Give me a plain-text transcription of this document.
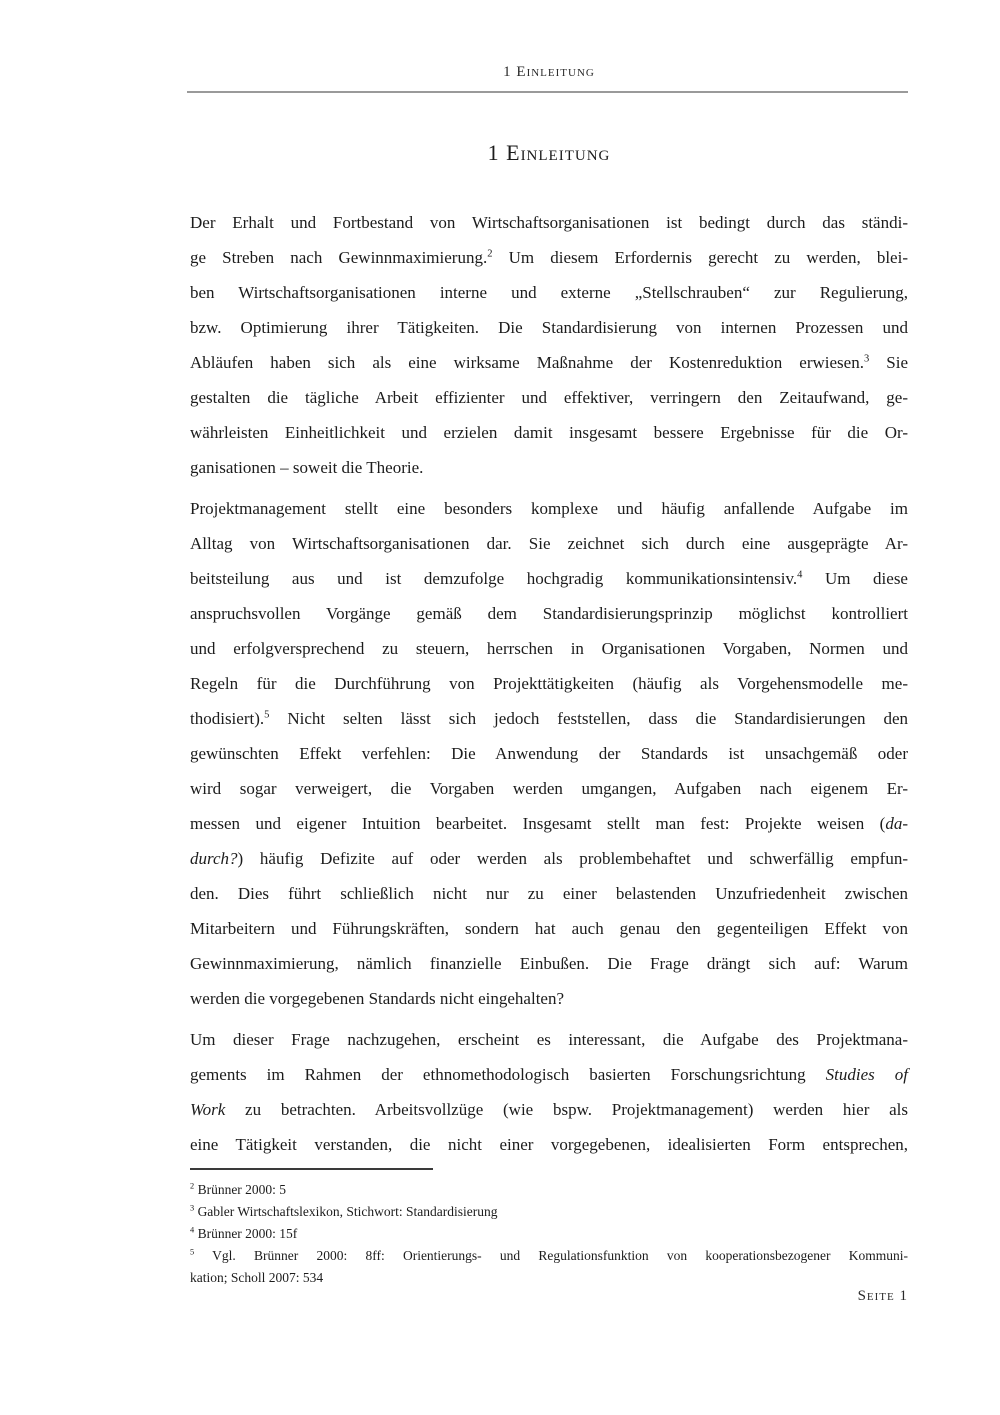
1 Einleitung
1 Einleitung
Der Erhalt und Fortbestand von Wirtschaftsorganisationen ist bedingt durch das ständi-
ge Streben nach Gewinnmaximierung.$^2$ Um diesem Erfordernis gerecht zu werden, blei-
ben Wirtschaftsorganisationen interne und externe „Stellschrauben“ zur Regulierung,
bzw. Optimierung ihrer Tätigkeiten. Die Standardisierung von internen Prozessen und
Abläufen haben sich als eine wirksame Maßnahme der Kostenreduktion erwiesen.$^3$ Sie
gestalten die tägliche Arbeit effizienter und effektiver, verringern den Zeitaufwand, ge-
währleisten Einheitlichkeit und erzielen damit insgesamt bessere Ergebnisse für die Or-
ganisationen – soweit die Theorie.
Projektmanagement stellt eine besonders komplexe und häufig anfallende Aufgabe im
Alltag von Wirtschaftsorganisationen dar. Sie zeichnet sich durch eine ausgeprägte Ar-
beitsteilung aus und ist demzufolge hochgradig kommunikationsintensiv.$^4$ Um diese
anspruchsvollen Vorgänge gemäß dem Standardisierungsprinzip möglichst kontrolliert
und erfolgversprechend zu steuern, herrschen in Organisationen Vorgaben, Normen und
Regeln für die Durchführung von Projekttätigkeiten (häufig als Vorgehensmodelle me-
thodisiert).$^5$ Nicht selten lässt sich jedoch feststellen, dass die Standardisierungen den
gewünschten Effekt verfehlen: Die Anwendung der Standards ist unsachgemäß oder
wird sogar verweigert, die Vorgaben werden umgangen, Aufgaben nach eigenem Er-
messen und eigener Intuition bearbeitet. Insgesamt stellt man fest: Projekte weisen (da-
durch?) häufig Defizite auf oder werden als problembehaftet und schwerfällig empfun-
den. Dies führt schließlich nicht nur zu einer belastenden Unzufriedenheit zwischen
Mitarbeitern und Führungskräften, sondern hat auch genau den gegenteiligen Effekt von
Gewinnmaximierung, nämlich finanzielle Einbußen. Die Frage drängt sich auf: Warum
werden die vorgegebenen Standards nicht eingehalten?
Um dieser Frage nachzugehen, erscheint es interessant, die Aufgabe des Projektmana-
gements im Rahmen der ethnomethodologisch basierten Forschungsrichtung Studies of
Work zu betrachten. Arbeitsvollzüge (wie bspw. Projektmanagement) werden hier als
eine Tätigkeit verstanden, die nicht einer vorgegebenen, idealisierten Form entsprechen,
$^2$ Brünner 2000: 5
$^3$ Gabler Wirtschaftslexikon, Stichwort: Standardisierung
$^4$ Brünner 2000: 15f
$^5$ Vgl. Brünner 2000: 8ff: Orientierungs- und Regulationsfunktion von kooperationsbezogener Kommuni-
kation; Scholl 2007: 534
Seite 1
